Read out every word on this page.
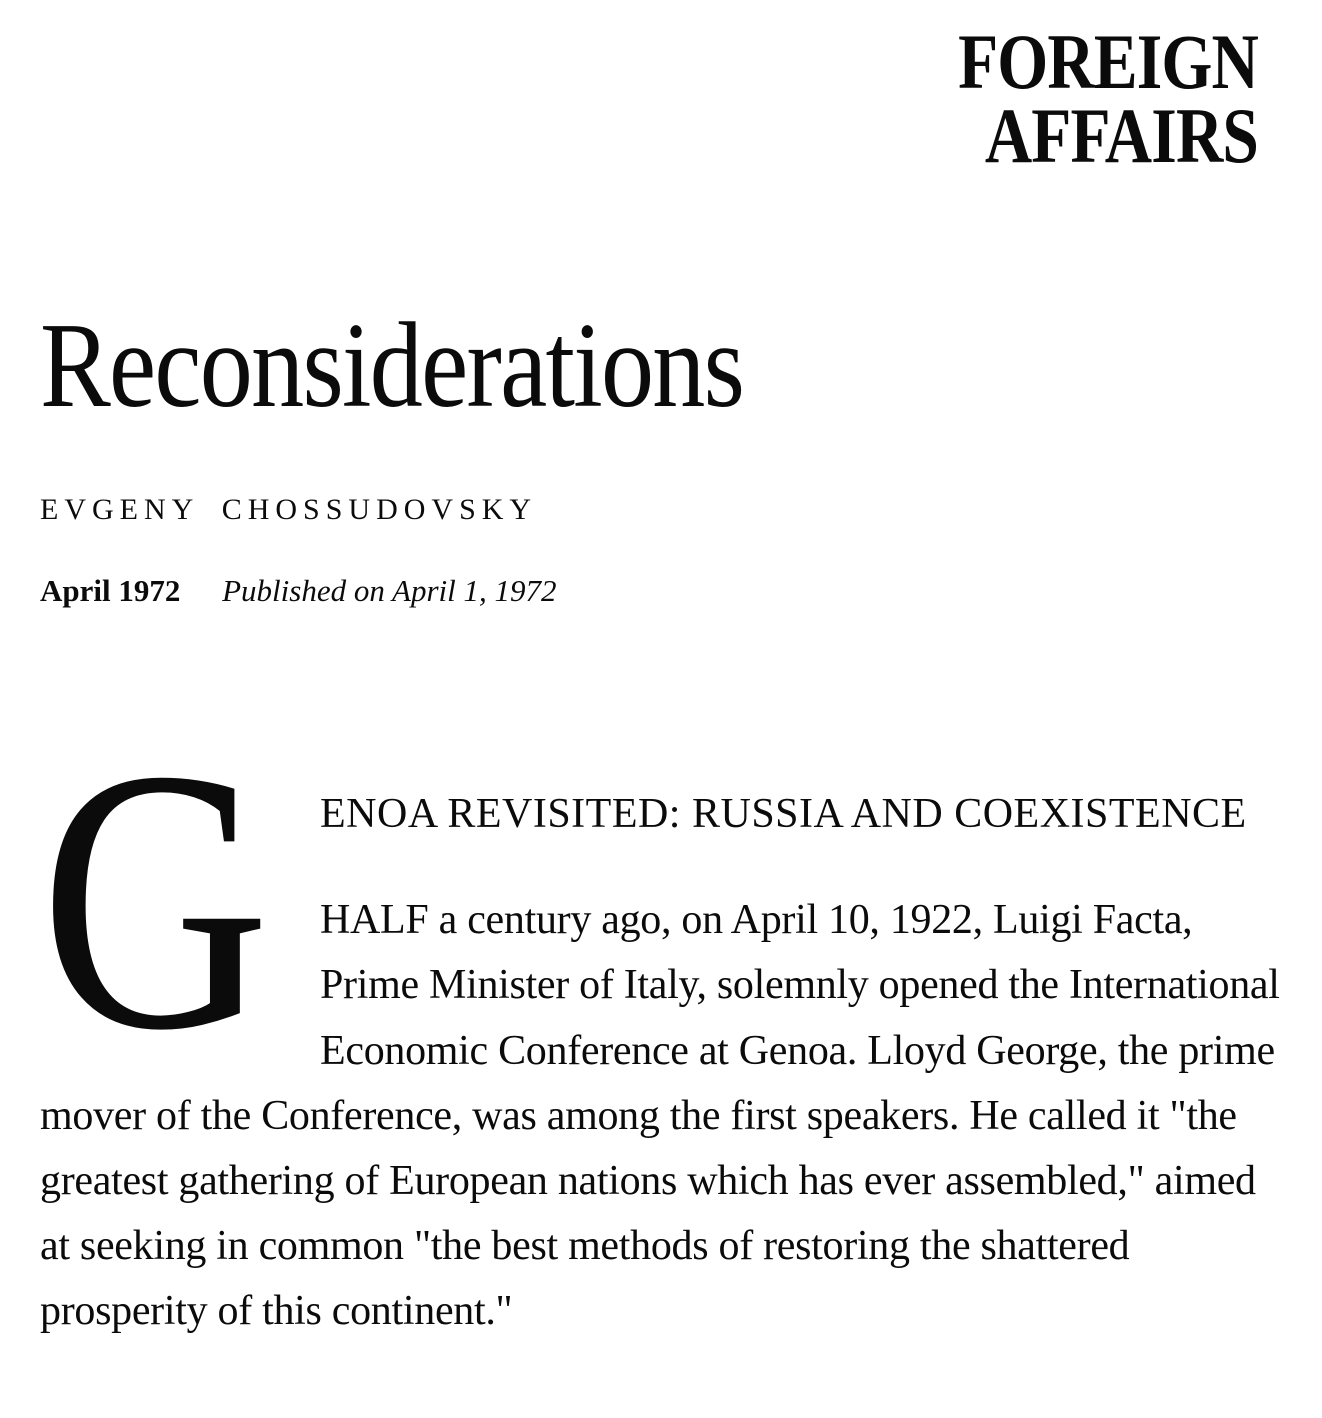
FOREIGN
AFFAIRS
Reconsiderations
EVGENY CHOSSUDOVSKY
April 1972 Published on April 1, 1972
G	ENOA REVISITED: RUSSIA AND COEXISTENCE

HALF a century ago, on April 10, 1922, Luigi Facta, Prime Minister of Italy, solemnly opened the International Economic Conference at Genoa. Lloyd George, the prime mover of the Conference, was among the first speakers. He called it "the greatest gathering of European nations which has ever assembled," aimed at seeking in common "the best methods of restoring the shattered prosperity of this continent."
